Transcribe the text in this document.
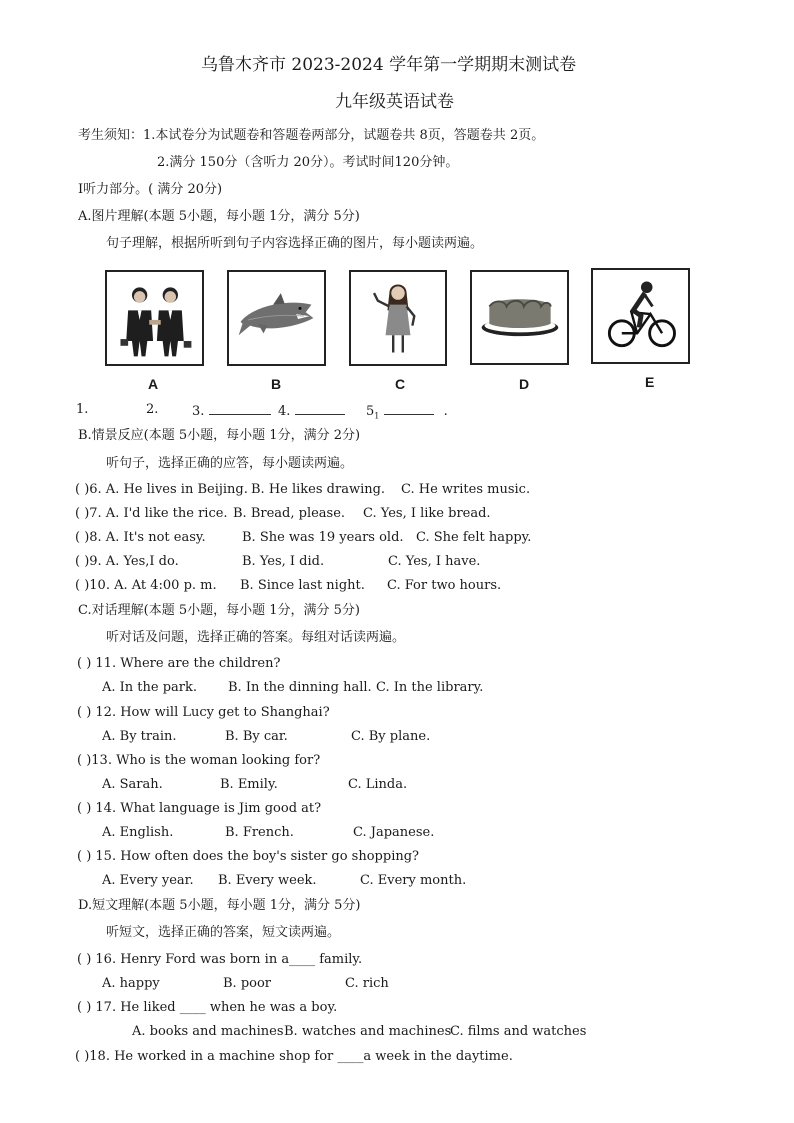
乌鲁木齐市 2023-2024 学年第一学期期末测试卷
九年级英语试卷
考生须知：1.本试卷分为试题卷和答题卷两部分，试题卷共 8页，答题卷共 2页。
2.满分 150分（含听力 20分）。考试时间120分钟。
I听力部分。( 满分 20分)
A.图片理解(本题 5小题，每小题 1分，满分 5分)
句子理解，根据所听到句子内容选择正确的图片，每小题读两遍。
A	B	C	D	E
1.	2.	3.	4.	$5_1$	.
B.情景反应(本题 5小题，每小题 1分，满分 2分)
听句子，选择正确的应答，每小题读两遍。
( )6. A. He lives in Beijing. B. He likes drawing. C. He writes music.
( )7. A. I'd like the rice. B. Bread, please. C. Yes, I like bread.
( )8. A. It's not easy.	B. She was 19 years old. C. She felt happy.
( )9. A. Yes,I do.	B. Yes, I did.	C. Yes, I have.
( )10. A. At 4:00 p. m. B. Since last night. C. For two hours.
C.对话理解(本题 5小题，每小题 1分，满分 5分)
听对话及问题，选择正确的答案。每组对话读两遍。
( ) 11. Where are the children?
A. In the park. B. In the dinning hall. C. In the library.
( ) 12. How will Lucy get to Shanghai?
A. By train.	B. By car.	C. By plane.
( )13. Who is the woman looking for?
A. Sarah.	B. Emily.	C. Linda.
( ) 14. What language is Jim good at?
A. English.	B. French.	C. Japanese.
( ) 15. How often does the boy's sister go shopping?
A. Every year. B. Every week.	C. Every month.
D.短文理解(本题 5小题，每小题 1分，满分 5分)
听短文，选择正确的答案，短文读两遍。
( ) 16. Henry Ford was born in a____ family.
A. happy	B. poor	C. rich
( ) 17. He liked ____ when he was a boy.
A. books and machines B. watches and machines
C. films and watches
( )18. He worked in a machine shop for ____a week in the daytime.
